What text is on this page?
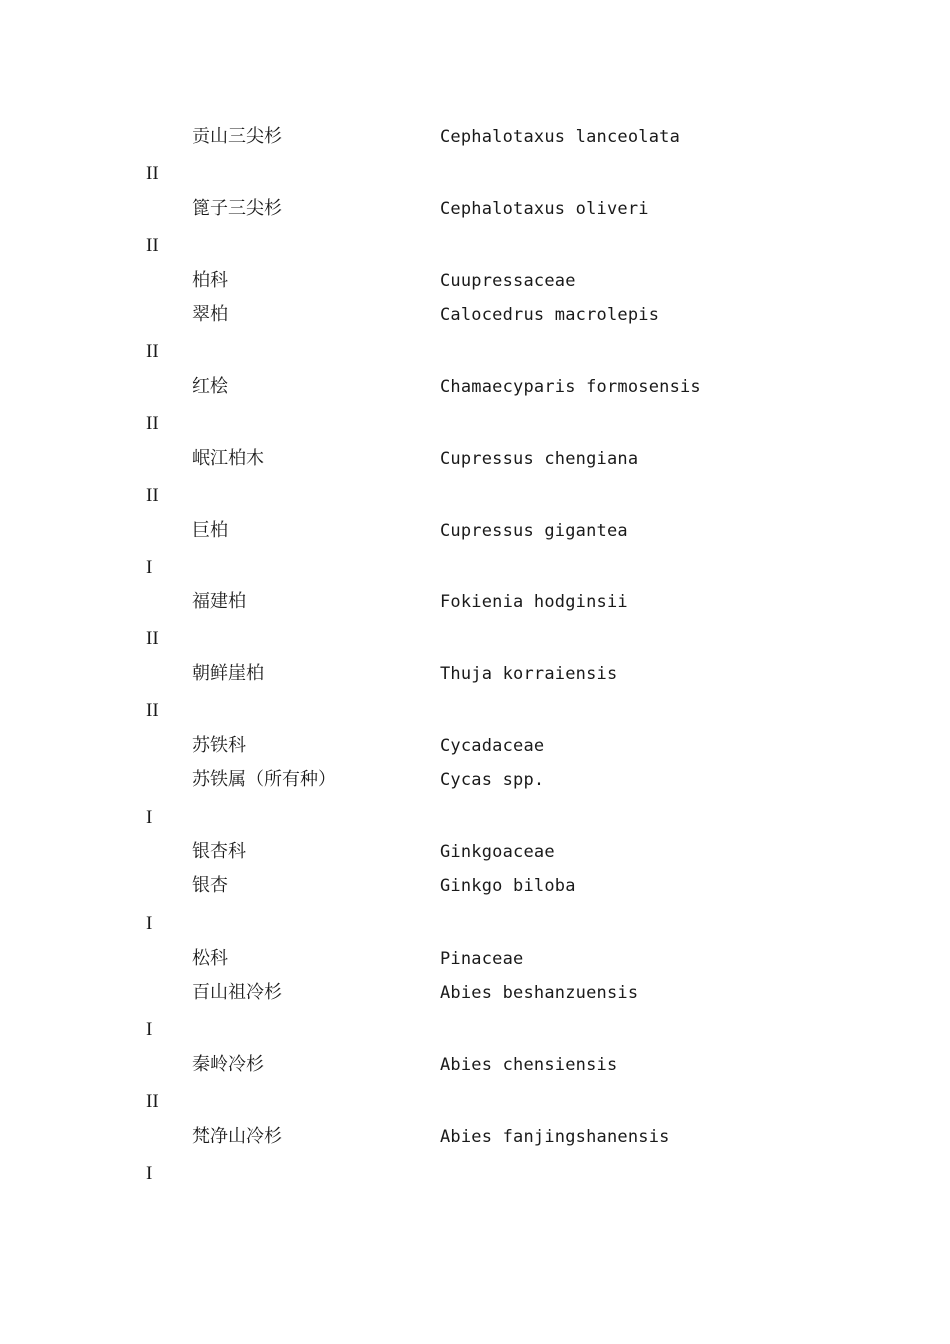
贡山三尖杉	Cephalotaxus lanceolata
II
篦子三尖杉	Cephalotaxus oliveri
II
柏科	Cuupressaceae
翠柏	Calocedrus macrolepis
II
红桧	Chamaecyparis formosensis
II
岷江柏木	Cupressus chengiana
II
巨柏	Cupressus gigantea
I
福建柏	Fokienia hodginsii
II
朝鲜崖柏	Thuja korraiensis
II
苏铁科	Cycadaceae
苏铁属（所有种）	Cycas spp.
I
银杏科	Ginkgoaceae
银杏	Ginkgo biloba
I
松科	Pinaceae
百山祖冷杉	Abies beshanzuensis
I
秦岭冷杉	Abies chensiensis
II
梵净山冷杉	Abies fanjingshanensis
I
